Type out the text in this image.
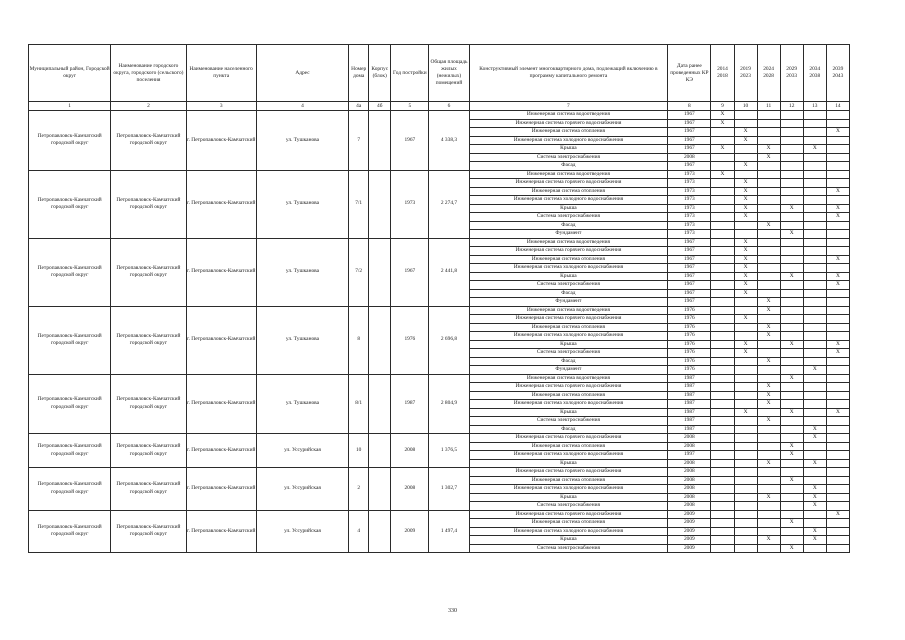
Муниципальный район, Городской округ	Наименование городского округа, городского (сельского) поселения	Наименование населенного пункта	Адрес	Номер дома	Корпус (блок)	Год постройки	Общая площадь жилых (нежилых) помещений	Конструктивный элемент многоквартирного дома, подлежащий включению в программу капитального ремонта	Дата ранее проведенных КР КЭ	2014 2018	2019 2023	2024 2028	2029 2033	2034 2038	2039 2043
1	2	3	4	4а	4б	5	6	7	8	9	10	11	12	13	14
Петропавловск-Камчатский городской округ	Петропавловск-Камчатский городской округ	г. Петропавловск-Камчатский	ул. Тушканова	7		1967	4 338,3	Инженерная система водоотведения	1967	X					
								Инженерная система горячего водоснабжения	1967	X					
								Инженерная система отопления	1967		X				X
								Инженерная система холодного водоснабжения	1967		X				
								Крыша	1967	X		X		X	
								Система электроснабжения	2008			X			
								Фасад	1967		X				
Петропавловск-Камчатский городской округ	Петропавловск-Камчатский городской округ	г. Петропавловск-Камчатский	ул. Тушканова	7/1		1973	2 274,7	Инженерная система водоотведения	1973	X					
								Инженерная система горячего водоснабжения	1973		X				
								Инженерная система отопления	1973		X				X
								Инженерная система холодного водоснабжения	1973		X				
								Крыша	1973		X		X		X
								Система электроснабжения	1973		X				X
								Фасад	1973			X			
								Фундамент	1973				X		
Петропавловск-Камчатский городской округ	Петропавловск-Камчатский городской округ	г. Петропавловск-Камчатский	ул. Тушканова	7/2		1967	2 441,8	Инженерная система водоотведения	1967		X				
								Инженерная система горячего водоснабжения	1967		X				
								Инженерная система отопления	1967		X				X
								Инженерная система холодного водоснабжения	1967		X				
								Крыша	1967		X		X		X
								Система электроснабжения	1967		X				X
								Фасад	1967		X				
								Фундамент	1967			X			
Петропавловск-Камчатский городской округ	Петропавловск-Камчатский городской округ	г. Петропавловск-Камчатский	ул. Тушканова	8		1976	2 696,8	Инженерная система водоотведения	1976			X			
								Инженерная система горячего водоснабжения	1976		X				
								Инженерная система отопления	1976			X			
								Инженерная система холодного водоснабжения	1976			X			
								Крыша	1976		X		X		X
								Система электроснабжения	1976		X				X
								Фасад	1976			X			
								Фундамент	1976					X	
Петропавловск-Камчатский городской округ	Петропавловск-Камчатский городской округ	г. Петропавловск-Камчатский	ул. Тушканова	8/1		1987	2 804,9	Инженерная система водоотведения	1987				X		
								Инженерная система горячего водоснабжения	1987			X			
								Инженерная система отопления	1987			X			
								Инженерная система холодного водоснабжения	1987			X			
								Крыша	1987		X		X		X
								Система электроснабжения	1987			X			
								Фасад	1987					X	
Петропавловск-Камчатский городской округ	Петропавловск-Камчатский городской округ	г. Петропавловск-Камчатский	ул. Уссурийская	10		2008	1 376,5	Инженерная система горячего водоснабжения	2008					X	
								Инженерная система отопления	2008				X		
								Инженерная система холодного водоснабжения	1997				X		
								Крыша	2008			X		X	
Петропавловск-Камчатский городской округ	Петропавловск-Камчатский городской округ	г. Петропавловск-Камчатский	ул. Уссурийская	2		2008	1 302,7	Инженерная система горячего водоснабжения	2008						
								Инженерная система отопления	2008				X		
								Инженерная система холодного водоснабжения	2008					X	
								Крыша	2008			X		X	
								Система электроснабжения	2008					X	
Петропавловск-Камчатский городской округ	Петропавловск-Камчатский городской округ	г. Петропавловск-Камчатский	ул. Уссурийская	4		2009	1 497,4	Инженерная система горячего водоснабжения	2009						X
								Инженерная система отопления	2009				X		
								Инженерная система холодного водоснабжения	2009					X	
								Крыша	2009			X		X	
								Система электроснабжения	2009				X		
330
